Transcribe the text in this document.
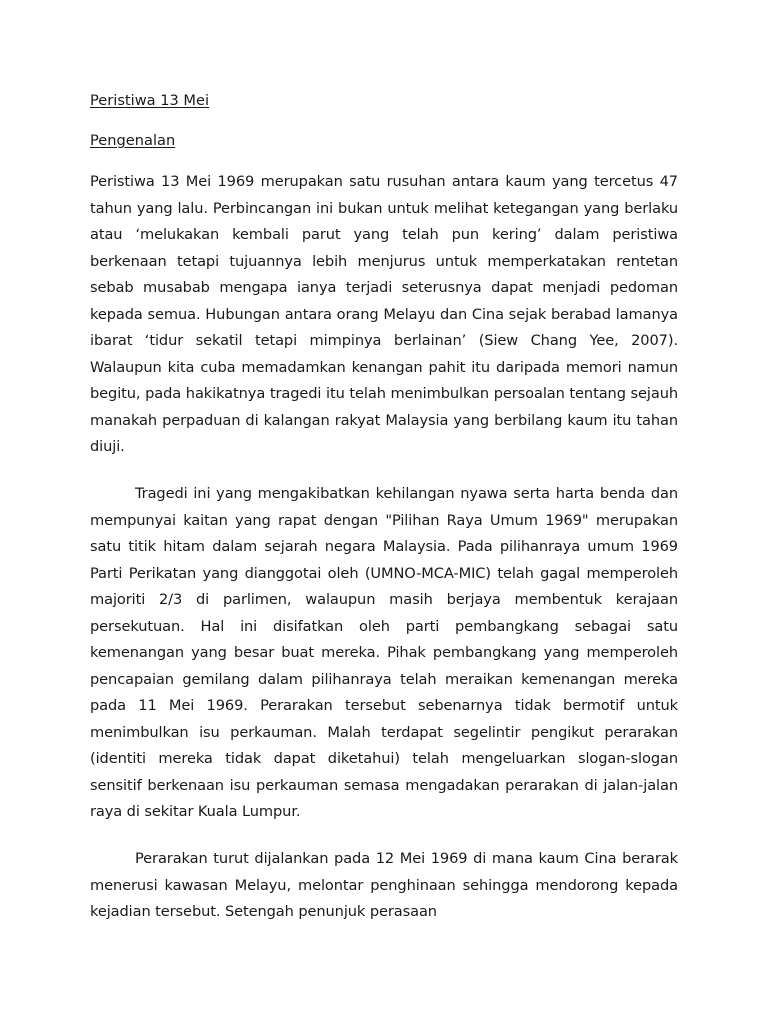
Peristiwa 13 Mei
Pengenalan

Peristiwa 13 Mei 1969 merupakan satu rusuhan antara kaum yang tercetus 47 tahun yang lalu. Perbincangan ini bukan untuk melihat ketegangan yang berlaku atau ‘melukakan kembali parut yang telah pun kering’ dalam peristiwa berkenaan tetapi tujuannya lebih menjurus untuk memperkatakan rentetan sebab musabab mengapa ianya terjadi seterusnya dapat menjadi pedoman kepada semua. Hubungan antara orang Melayu dan Cina sejak berabad lamanya ibarat ‘tidur sekatil tetapi mimpinya berlainan’ (Siew Chang Yee, 2007). Walaupun kita cuba memadamkan kenangan pahit itu daripada memori namun begitu, pada hakikatnya tragedi itu telah menimbulkan persoalan tentang sejauh manakah perpaduan di kalangan rakyat Malaysia yang berbilang kaum itu tahan diuji.

Tragedi ini yang mengakibatkan kehilangan nyawa serta harta benda dan mempunyai kaitan yang rapat dengan "Pilihan Raya Umum 1969" merupakan satu titik hitam dalam sejarah negara Malaysia. Pada pilihanraya umum 1969 Parti Perikatan yang dianggotai oleh (UMNO-MCA-MIC) telah gagal memperoleh majoriti 2/3 di parlimen, walaupun masih berjaya membentuk kerajaan persekutuan. Hal ini disifatkan oleh parti pembangkang sebagai satu kemenangan yang besar buat mereka. Pihak pembangkang yang memperoleh pencapaian gemilang dalam pilihanraya telah meraikan kemenangan mereka pada 11 Mei 1969. Perarakan tersebut sebenarnya tidak bermotif untuk menimbulkan isu perkauman. Malah terdapat segelintir pengikut perarakan (identiti mereka tidak dapat diketahui) telah mengeluarkan slogan-slogan sensitif berkenaan isu perkauman semasa mengadakan perarakan di jalan-jalan raya di sekitar Kuala Lumpur.

Perarakan turut dijalankan pada 12 Mei 1969 di mana kaum Cina berarak menerusi kawasan Melayu, melontar penghinaan sehingga mendorong kepada kejadian tersebut. Setengah penunjuk perasaan
